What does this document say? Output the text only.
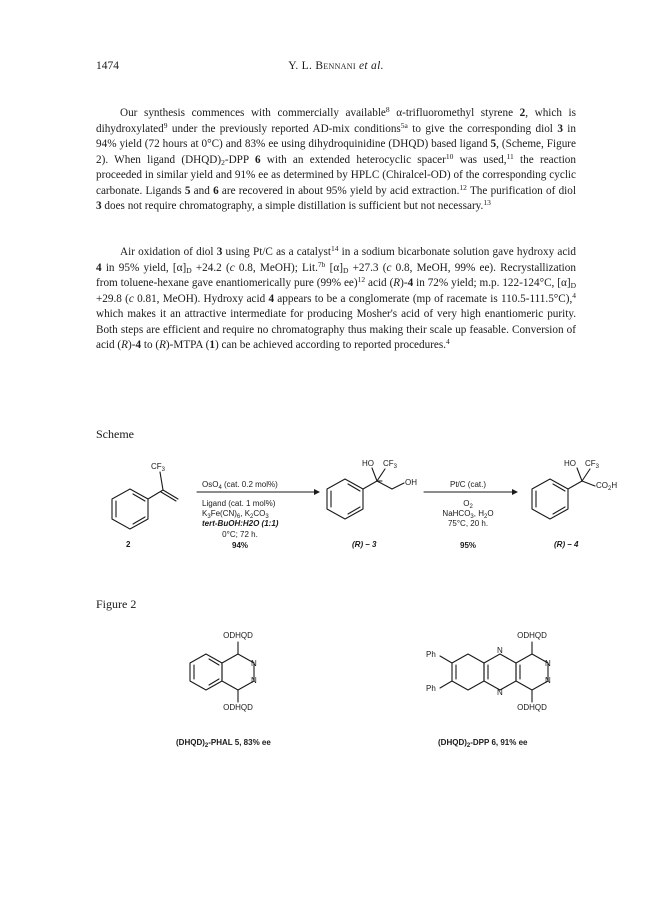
1474	Y. L. Bennani et al.

Our synthesis commences with commercially available$^8$ α-trifluoromethyl styrene 2, which is dihydroxylated$^9$ under the previously reported AD-mix conditions$^{5a}$ to give the corresponding diol 3 in 94% yield (72 hours at 0°C) and 83% ee using dihydroquinidine (DHQD) based ligand 5, (Scheme, Figure 2). When ligand $(DHQD)_2$-DPP 6 with an extended heterocyclic spacer$^{10}$ was used,$^{11}$ the reaction proceeded in similar yield and 91% ee as determined by HPLC (Chiralcel-OD) of the corresponding cyclic carbonate. Ligands 5 and 6 are recovered in about 95% yield by acid extraction.$^{12}$ The purification of diol 3 does not require chromatography, a simple distillation is sufficient but not necessary.$^{13}$

Air oxidation of diol 3 using Pt/C as a catalyst$^{14}$ in a sodium bicarbonate solution gave hydroxy acid 4 in 95% yield, $[\alpha]_D +24.2$ (c 0.8, MeOH); Lit.$^{7b}$ $[\alpha]_D +27.3$ (c 0.8, MeOH, 99% ee). Recrystallization from toluene-hexane gave enantiomerically pure (99% ee)$^{12}$ acid (R)-4 in 72% yield; m.p. 122-124°C, $[\alpha]_D +29.8$ (c 0.81, MeOH). Hydroxy acid 4 appears to be a conglomerate (mp of racemate is 110.5-111.5°C),$^4$ which makes it an attractive intermediate for producing Mosher's acid of very high enantiomeric purity. Both steps are efficient and require no chromatography thus making their scale up feasable. Conversion of acid (R)-4 to (R)-MTPA (1) can be achieved according to reported procedures.$^4$

Scheme
Figure 2
$CF_3$
2
OsO$_4$ (cat. 0.2 mol%)
Ligand (cat. 1 mol%)
$K_3Fe(CN)_6$, $K_2CO_3$
tert-BuOH:H2O (1:1)
0°C; 72 h.
94%
HO $CF_3$
OH
(R) – 3
Pt/C (cat.)
$O_2$
NaHCO$_3$, $H_2O$
75°C, 20 h.
95%
HO $CF_3$
$CO_2H$
(R) – 4
ODHQD
ODHQD
N
N
$(DHQD)_2$-PHAL 5, 83% ee
ODHQD
ODHQD
Ph
Ph
N
N
N
N
$(DHQD)_2$-DPP 6, 91% ee
